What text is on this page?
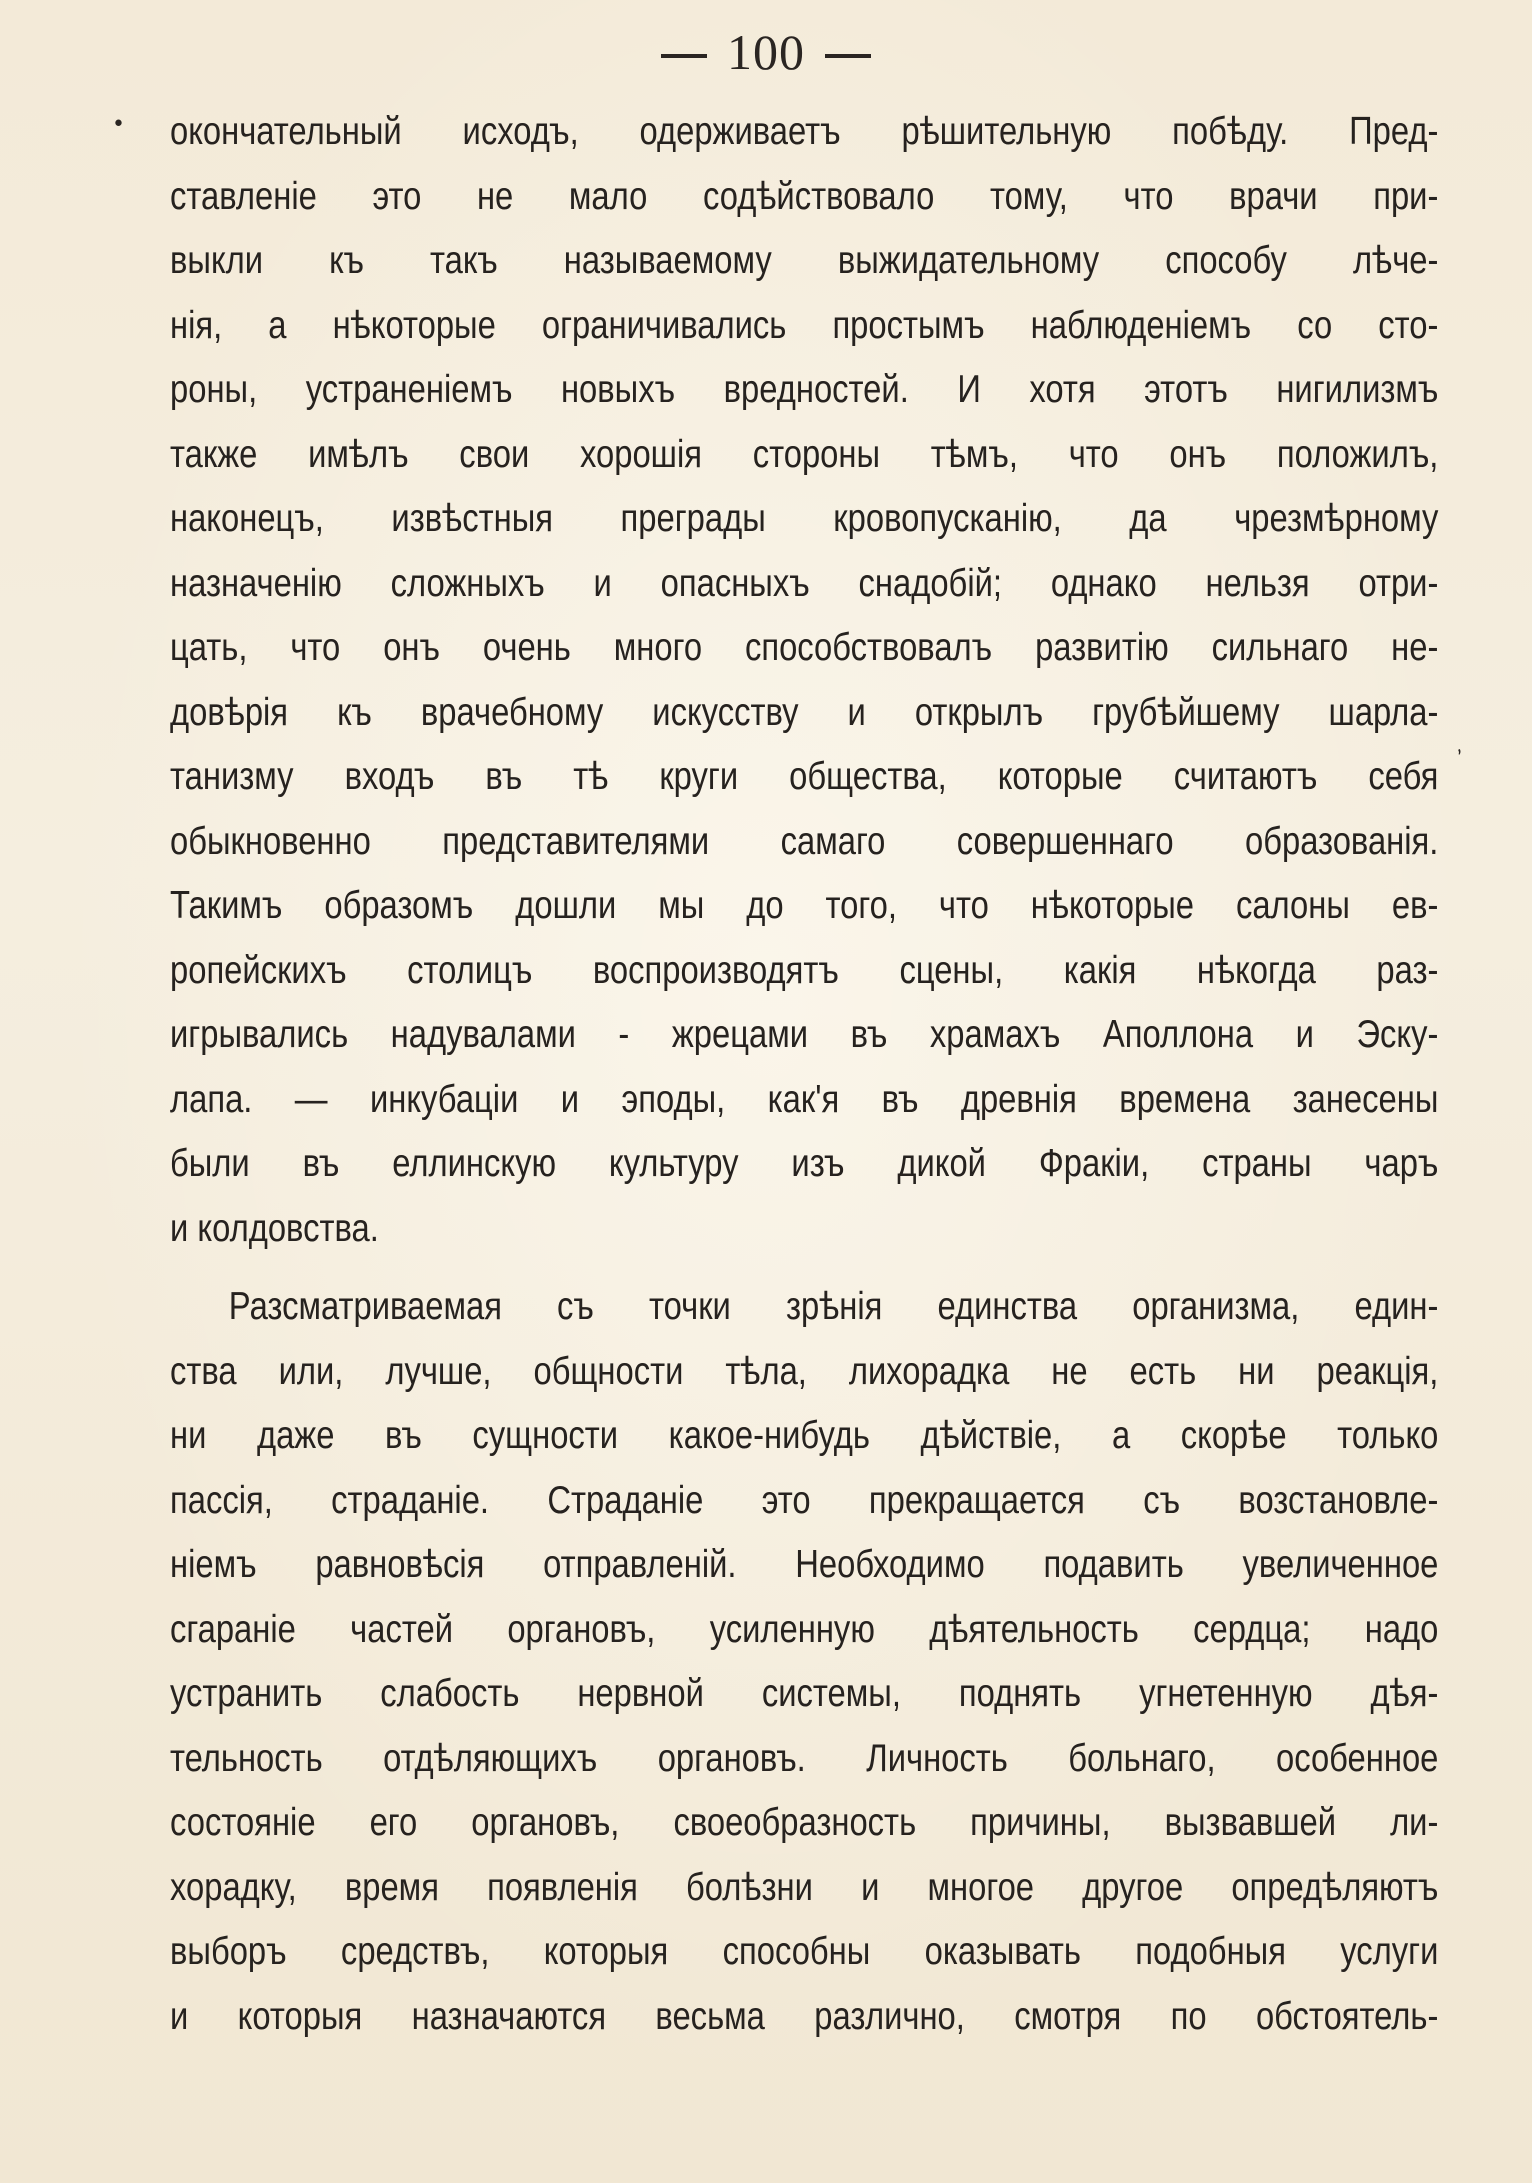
100
•
ʼ
окончательный исходъ, одерживаетъ рѣшительную побѣду. Пред-
ставленіе это не мало содѣйствовало тому, что врачи при-
выкли къ такъ называемому выжидательному способу лѣче-
нія, а нѣкоторые ограничивались простымъ наблюденіемъ со сто-
роны, устраненіемъ новыхъ вредностей. И хотя этотъ нигилизмъ
также имѣлъ свои хорошія стороны тѣмъ, что онъ положилъ,
наконецъ, извѣстныя преграды кровопусканію, да чрезмѣрному
назначенію сложныхъ и опасныхъ снадобій; однако нельзя отри-
цать, что онъ очень много способствовалъ развитію сильнаго не-
довѣрія къ врачебному искусству и открылъ грубѣйшему шарла-
танизму входъ въ тѣ круги общества, которые считаютъ себя
обыкновенно представителями самаго совершеннаго образованія.
Такимъ образомъ дошли мы до того, что нѣкоторые салоны ев-
ропейскихъ столицъ воспроизводятъ сцены, какія нѣкогда раз-
игрывались надувалами - жрецами въ храмахъ Аполлона и Эску-
лапа. — инкубаціи и эподы, как'я въ древнія времена занесены
были въ еллинскую культуру изъ дикой Фракіи, страны чаръ
и колдовства.
Разсматриваемая съ точки зрѣнія единства организма, един-
ства или, лучше, общности тѣла, лихорадка не есть ни реакція,
ни даже въ сущности какое-нибудь дѣйствіе, а скорѣе только
пассія, страданіе. Страданіе это прекращается съ возстановле-
ніемъ равновѣсія отправленій. Необходимо подавить увеличенное
сгараніе частей органовъ, усиленную дѣятельность сердца; надо
устранить слабость нервной системы, поднять угнетенную дѣя-
тельность отдѣляющихъ органовъ. Личность больнаго, особенное
состояніе его органовъ, своеобразность причины, вызвавшей ли-
хорадку, время появленія болѣзни и многое другое опредѣляютъ
выборъ средствъ, которыя способны оказывать подобныя услуги
и которыя назначаются весьма различно, смотря по обстоятель-
